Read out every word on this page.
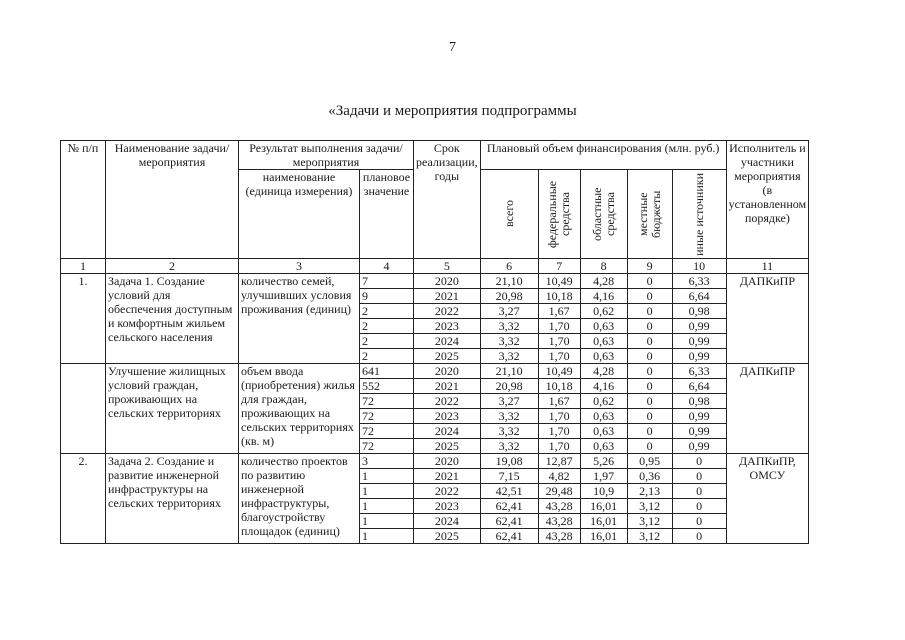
7
«Задачи и мероприятия подпрограммы
№ п/п	Наименование задачи/мероприятия	Результат выполнения задачи/мероприятия		Срок реализации, годы	Плановый объем финансирования (млн. руб.)					Исполнитель и участники мероприятия (в установленном порядке)
		наименование (единица измерения)	плановое значение		всего	федеральные средства	областные средства	местные бюджеты	иные источники	

1	2	3	4	5	6	7	8	9	10	11
1.	Задача 1. Создание условий для обеспечения доступным и комфортным жильем сельского населения	количество семей, улучшивших условия проживания (единиц)	7	2020	21,10	10,49	4,28	0	6,33	ДАПКиПР
			9	2021	20,98	10,18	4,16	0	6,64	
			2	2022	3,27	1,67	0,62	0	0,98	
			2	2023	3,32	1,70	0,63	0	0,99	
			2	2024	3,32	1,70	0,63	0	0,99	
			2	2025	3,32	1,70	0,63	0	0,99	
	Улучшение жилищных условий граждан, проживающих на сельских территориях	объем ввода (приобретения) жилья для граждан, проживающих на сельских территориях (кв. м)	641	2020	21,10	10,49	4,28	0	6,33	ДАПКиПР
			552	2021	20,98	10,18	4,16	0	6,64	
			72	2022	3,27	1,67	0,62	0	0,98	
			72	2023	3,32	1,70	0,63	0	0,99	
			72	2024	3,32	1,70	0,63	0	0,99	
			72	2025	3,32	1,70	0,63	0	0,99	
2.	Задача 2. Создание и развитие инженерной инфраструктуры на сельских территориях	количество проектов по развитию инженерной инфраструктуры, благоустройству площадок (единиц)	3	2020	19,08	12,87	5,26	0,95	0	ДАПКиПР, ОМСУ
			1	2021	7,15	4,82	1,97	0,36	0	
			1	2022	42,51	29,48	10,9	2,13	0	
			1	2023	62,41	43,28	16,01	3,12	0	
			1	2024	62,41	43,28	16,01	3,12	0	
			1	2025	62,41	43,28	16,01	3,12	0	
